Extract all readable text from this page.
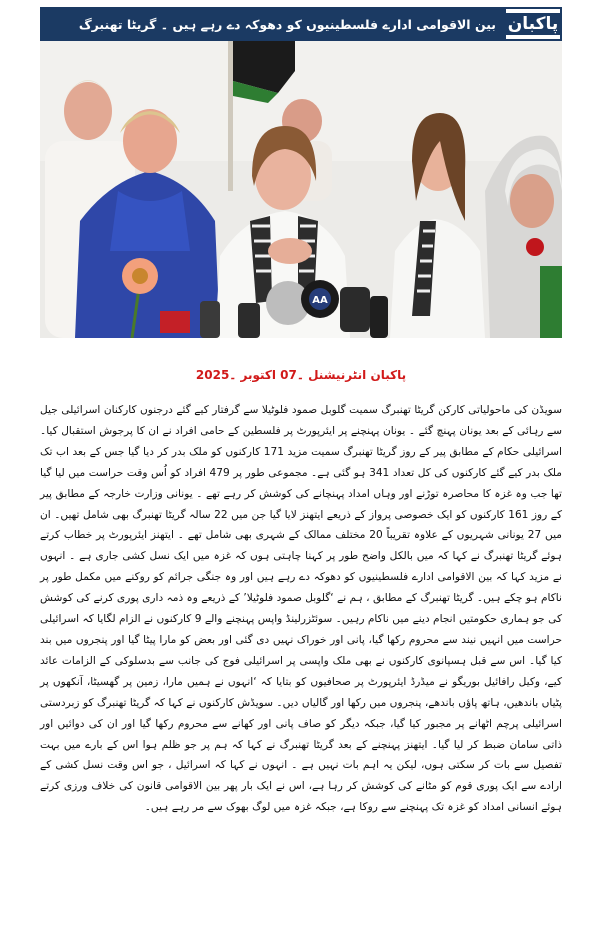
پاکبان
بین الاقوامی ادارے فلسطینیوں کو دھوکہ دے رہے ہیں ۔ گریٹا تھنبرگ
AA
پاکبان انٹرنیشنل ۔07 اکتوبر ۔2025

سویڈن کی ماحولیاتی کارکن گریٹا تھنبرگ سمیت گلوبل صمود فلوٹیلا سے گرفتار کیے گئے درجنوں کارکنان اسرائیلی جیل سے رہائی کے بعد یونان پہنچ گئے ۔ یونان پہنچنے پر ایئرپورٹ پر فلسطین کے حامی افراد نے ان کا پرجوش استقبال کیا۔ اسرائیلی حکام کے مطابق پیر کے روز گریٹا تھنبرگ سمیت مزید 171 کارکنوں کو ملک بدر کر دیا گیا جس کے بعد اب تک ملک بدر کیے گئے کارکنوں کی کل تعداد 341 ہو گئی ہے۔ مجموعی طور پر 479 افراد کو اُس وقت حراست میں لیا گیا تھا جب وہ غزہ کا محاصرہ توڑنے اور وہاں امداد پہنچانے کی کوشش کر رہے تھے ۔ یونانی وزارت خارجہ کے مطابق پیر کے روز 161 کارکنوں کو ایک خصوصی پرواز کے ذریعے ایتھنز لایا گیا جن میں 22 سالہ گریٹا تھنبرگ بھی شامل تھیں۔ ان میں 27 یونانی شہریوں کے علاوہ تقریباً 20 مختلف ممالک کے شہری بھی شامل تھے ۔ ایتھنز ایئرپورٹ پر خطاب کرتے ہوئے گریٹا تھنبرگ نے کہا کہ میں بالکل واضح طور پر کہنا چاہتی ہوں کہ غزہ میں ایک نسل کشی جاری ہے ۔ انہوں نے مزید کہا کہ بین الاقوامی ادارے فلسطینیوں کو دھوکہ دے رہے ہیں اور وہ جنگی جرائم کو روکنے میں مکمل طور پر ناکام ہو چکے ہیں۔ گریٹا تھنبرگ کے مطابق ، ہم نے ‘گلوبل صمود فلوٹیلا’ کے ذریعے وہ ذمہ داری پوری کرنے کی کوشش کی جو ہماری حکومتیں انجام دینے میں ناکام رہیں۔ سوئٹزرلینڈ واپس پہنچنے والے 9 کارکنوں نے الزام لگایا کہ اسرائیلی حراست میں انہیں نیند سے محروم رکھا گیا، پانی اور خوراک نہیں دی گئی اور بعض کو مارا پیٹا گیا اور پنجروں میں بند کیا گیا۔ اس سے قبل ہسپانوی کارکنوں نے بھی ملک واپسی پر اسرائیلی فوج کی جانب سے بدسلوکی کے الزامات عائد کیے، وکیل رافائیل بوریگو نے میڈرڈ ایئرپورٹ پر صحافیوں کو بتایا کہ ‘انہوں نے ہمیں مارا، زمین پر گھسیٹا، آنکھوں پر پٹیاں باندھیں، ہاتھ پاؤں باندھے، پنجروں میں رکھا اور گالیاں دیں۔ سویڈش کارکنوں نے کہا کہ گریٹا تھنبرگ کو زبردستی اسرائیلی پرچم اٹھانے پر مجبور کیا گیا، جبکہ دیگر کو صاف پانی اور کھانے سے محروم رکھا گیا اور ان کی دوائیں اور ذاتی سامان ضبط کر لیا گیا۔ ایتھنز پہنچنے کے بعد گریٹا تھنبرگ نے کہا کہ ہم پر جو ظلم ہوا اس کے بارے میں بہت تفصیل سے بات کر سکتی ہوں، لیکن یہ اہم بات نہیں ہے ۔ انہوں نے کہا کہ اسرائیل ، جو اس وقت نسل کشی کے ارادے سے ایک پوری قوم کو مٹانے کی کوشش کر رہا ہے، اس نے ایک بار پھر بین الاقوامی قانون کی خلاف ورزی کرتے ہوئے انسانی امداد کو غزہ تک پہنچنے سے روکا ہے، جبکہ غزہ میں لوگ بھوک سے مر رہے ہیں۔
